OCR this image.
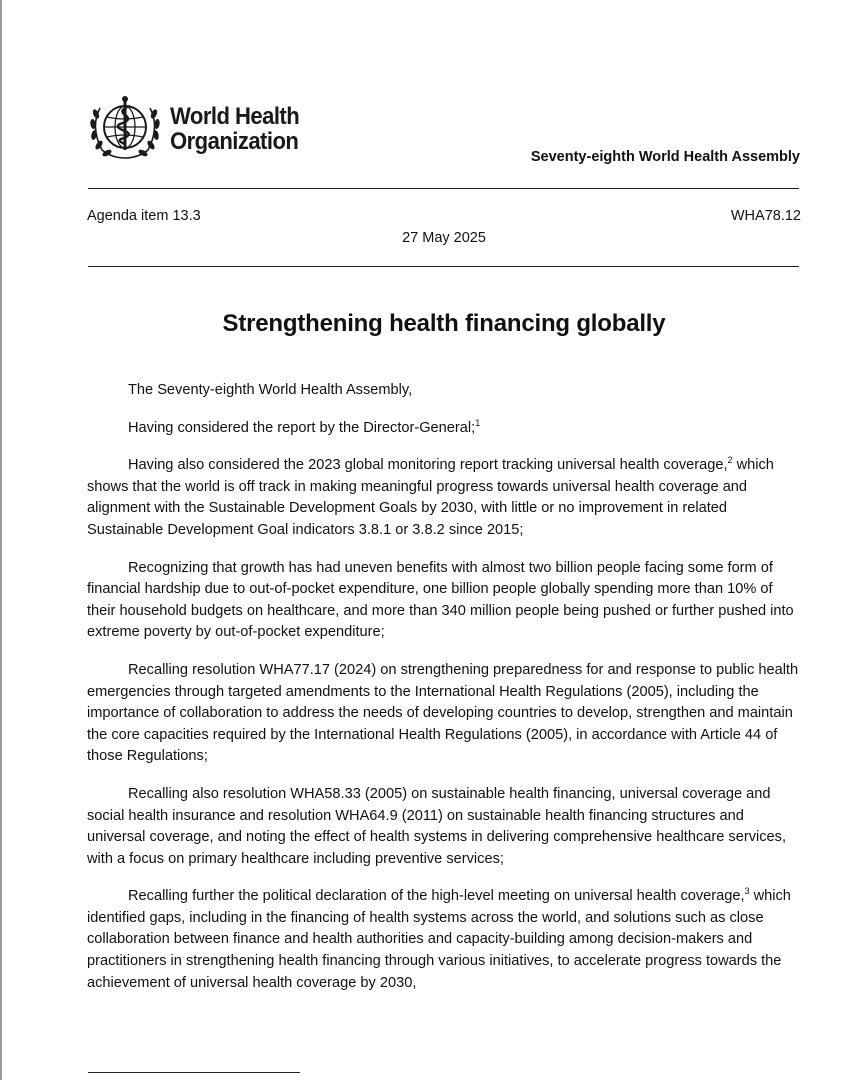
World Health
Organization
Seventy-eighth World Health Assembly
Agenda item 13.3	WHA78.12
27 May 2025
Strengthening health financing globally

The Seventy-eighth World Health Assembly,

Having considered the report by the Director-General;$^1$

Having also considered the 2023 global monitoring report tracking universal health coverage,$^2$ which shows that the world is off track in making meaningful progress towards universal health coverage and alignment with the Sustainable Development Goals by 2030, with little or no improvement in related Sustainable Development Goal indicators 3.8.1 or 3.8.2 since 2015;

Recognizing that growth has had uneven benefits with almost two billion people facing some form of financial hardship due to out-of-pocket expenditure, one billion people globally spending more than 10% of their household budgets on healthcare, and more than 340 million people being pushed or further pushed into extreme poverty by out-of-pocket expenditure;

Recalling resolution WHA77.17 (2024) on strengthening preparedness for and response to public health emergencies through targeted amendments to the International Health Regulations (2005), including the importance of collaboration to address the needs of developing countries to develop, strengthen and maintain the core capacities required by the International Health Regulations (2005), in accordance with Article 44 of those Regulations;

Recalling also resolution WHA58.33 (2005) on sustainable health financing, universal coverage and social health insurance and resolution WHA64.9 (2011) on sustainable health financing structures and universal coverage, and noting the effect of health systems in delivering comprehensive healthcare services, with a focus on primary healthcare including preventive services;

Recalling further the political declaration of the high-level meeting on universal health coverage,$^3$ which identified gaps, including in the financing of health systems across the world, and solutions such as close collaboration between finance and health authorities and capacity-building among decision-makers and practitioners in strengthening health financing through various initiatives, to accelerate progress towards the achievement of universal health coverage by 2030,
